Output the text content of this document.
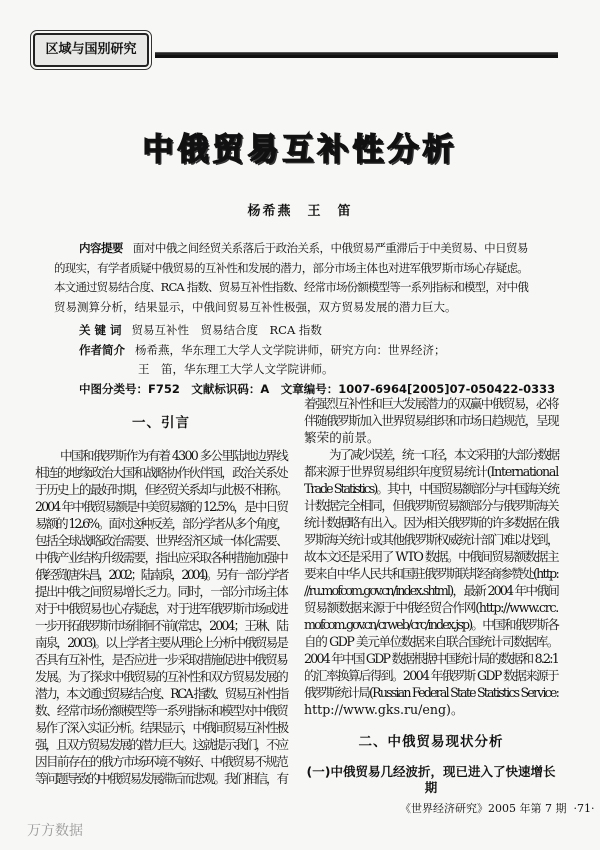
区域与国别研究
中俄贸易互补性分析
杨希燕　王　笛
内容提要 面对中俄之间经贸关系落后于政治关系，中俄贸易严重滞后于中美贸易、中日贸易
的现实，有学者质疑中俄贸易的互补性和发展的潜力，部分市场主体也对进军俄罗斯市场心存疑虑。
本文通过贸易结合度、RCA 指数、贸易互补性指数、经常市场份额模型等一系列指标和模型，对中俄
贸易测算分析，结果显示，中俄间贸易互补性极强，双方贸易发展的潜力巨大。
关 键 词 贸易互补性　贸易结合度　RCA 指数
作者简介 杨希燕，华东理工大学人文学院讲师，研究方向：世界经济；
王　笛，华东理工大学人文学院讲师。
中图分类号：F752　文献标识码：A　文章编号：1007-6964[2005]07-050422-0333
一、引言
中国和俄罗斯作为有着 4300 多公里陆地边界线
相连的地缘政治大国和战略协作伙伴国，政治关系处
于历史上的最好时期，但经贸关系却与此极不相称。
2004 年中俄贸易额是中美贸易额的 12.5%，是中日贸
易额的 12.6%。面对这种反差，部分学者从多个角度，
包括全球战略政治需要、世界经济区域一体化需要、
中俄产业结构升级需要，指出应采取各种措施加强中
俄经贸(唐朱昌，2002；陆南泉，2004)。另有一部分学者
提出中俄之间贸易增长乏力。同时，一部分市场主体
对于中俄贸易也心存疑虑，对于进军俄罗斯市场或进
一步开拓俄罗斯市场徘徊不前(常忠，2004；王琳、陆
南泉，2003)。以上学者主要从理论上分析中俄贸易是
否具有互补性，是否应进一步采取措施促进中俄贸易
发展。为了探求中俄贸易的互补性和双方贸易发展的
潜力，本文通过贸易结合度、RCA 指数、贸易互补性指
数、经常市场份额模型等一系列指标和模型对中俄贸
易作了深入实证分析。结果显示，中俄间贸易互补性极
强，且双方贸易发展的潜力巨大。这就提示我们，不应
因目前存在的俄方市场环境不够好、中俄贸易不规范
等问题导致的中俄贸易发展滞后而悲观。我们相信，有
着强烈互补性和巨大发展潜力的双赢中俄贸易，必将
伴随俄罗斯加入世界贸易组织和市场日趋规范，呈现
繁荣的前景。
为了减少误差，统一口径，本文采用的大部分数据
都来源于世界贸易组织年度贸易统计(International
Trade Statistics)。其中，中国贸易额部分与中国海关统
计数据完全相同，但俄罗斯贸易额部分与俄罗斯海关
统计数据略有出入。因为相关俄罗斯的许多数据在俄
罗斯海关统计或其他俄罗斯权威统计部门难以找到，
故本文还是采用了 WTO 数据。中俄间贸易额数据主
要来自中华人民共和国驻俄罗斯联邦经商参赞处(http:
//ru.mofcom.gov.cn/index.shtml)，最新 2004 年中俄间
贸易额数据来源于中俄经贸合作网(http://www.crc.
mofcom.gov.cn/crweb/crc/index.jsp)。中国和俄罗斯各
自的 GDP 美元单位数据来自联合国统计司数据库。
2004 年中国 GDP 数据根据中国统计局的数据和 8.2:1
的汇率换算后得到。2004 年俄罗斯 GDP 数据来源于
俄罗斯统计局(Russian Federal State Statistics Service:
http://www.gks.ru/eng)。
二、中俄贸易现状分析
(一)中俄贸易几经波折，现已进入了快速增长期
《世界经济研究》2005 年第 7 期 ·71·
万方数据
